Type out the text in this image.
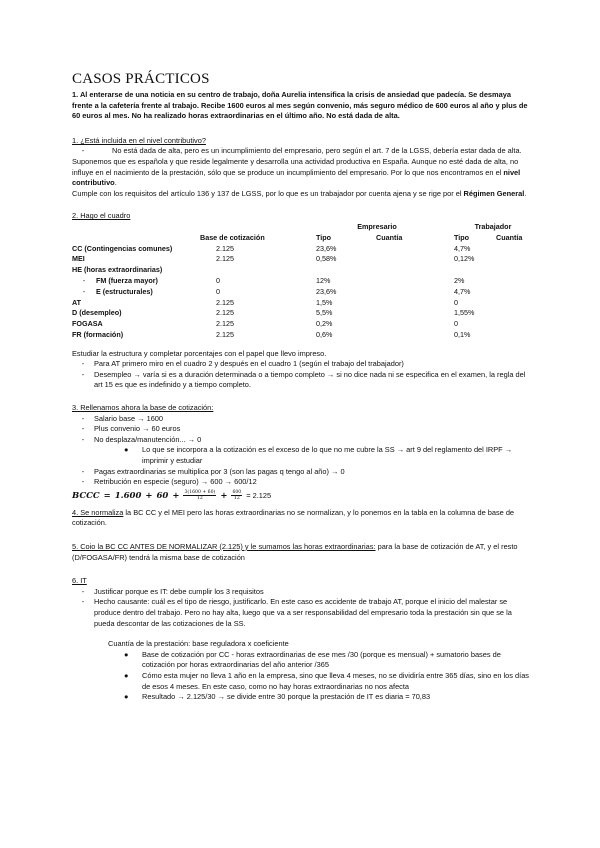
CASOS PRÁCTICOS

1. Al enterarse de una noticia en su centro de trabajo, doña Aurelia intensifica la crisis de ansiedad que padecía. Se desmaya frente a la cafetería frente al trabajo. Recibe 1600 euros al mes según convenio, más seguro médico de 600 euros al año y plus de 60 euros al mes. No ha realizado horas extraordinarias en el último año. No está dada de alta.

1. ¿Está incluida en el nivel contributivo?

-	No está dada de alta, pero es un incumplimiento del empresario, pero según el art. 7 de la LGSS, debería estar dada de alta. Suponemos que es española y que reside legalmente y desarrolla una actividad productiva en España. Aunque no esté dada de alta, no influye en el nacimiento de la prestación, sólo que se produce un incumplimiento del empresario. Por lo que nos encontramos en el nivel contributivo.

Cumple con los requisitos del artículo 136 y 137 de LGSS, por lo que es un trabajador por cuenta ajena y se rige por el Régimen General.

2. Hago el cuadro

		Empresario		Trabajador	
	Base de cotización	Tipo	Cuantía	Tipo	Cuantía
CC (Contingencias comunes)	2.125	23,6%		4,7%	
MEI	2.125	0,58%		0,12%	
HE (horas extraordinarias)					
- FM (fuerza mayor)	0	12%		2%	
- E (estructurales)	0	23,6%		4,7%	
AT	2.125	1,5%		0	
D (desempleo)	2.125	5,5%		1,55%	
FOGASA	2.125	0,2%		0	
FR (formación)	2.125	0,6%		0,1%	

Estudiar la estructura y completar porcentajes con el papel que llevo impreso.

-	Para AT primero miro en el cuadro 2 y después en el cuadro 1 (según el trabajo del trabajador)
-	Desempleo → varía si es a duración determinada o a tiempo completo → si no dice nada ni se especifica en el examen, la regla del art 15 es que es indefinido y a tiempo completo.

3. Rellenamos ahora la base de cotización:

-	Salario base → 1600
-	Plus convenio → 60 euros
-	No desplaza/manutención... → 0
●	Lo que se incorpora a la cotización es el exceso de lo que no me cubre la SS → art 9 del reglamento del IRPF → imprimir y estudiar
-	Pagas extraordinarias se multiplica por 3 (son las pagas q tengo al año) → 0
-	Retribución en especie (seguro) → 600 → 600/12
BCCC = $1.600 + 60 + \frac{3(1600 + 60)}{12} + \frac{600}{12} = 2.125$

4. Se normaliza la BC CC y el MEI pero las horas extraordinarias no se normalizan, y lo ponemos en la tabla en la columna de base de cotización.

5. Coio la BC CC ANTES DE NORMALIZAR (2.125) y le sumamos las horas extraordinarias: para la base de cotización de AT, y el resto (D/FOGASA/FR) tendrá la misma base de cotización

6. IT

-	Justificar porque es IT: debe cumplir los 3 requisitos
-	Hecho causante: cuál es el tipo de riesgo, justificarlo. En este caso es accidente de trabajo AT, porque el inicio del malestar se produce dentro del trabajo. Pero no hay alta, luego que va a ser responsabilidad del empresario toda la prestación sin que se la pueda descontar de las cotizaciones de la SS.

Cuantía de la prestación: base reguladora x coeficiente

●	Base de cotización por CC - horas extraordinarias de ese mes /30 (porque es mensual) + sumatorio bases de cotización por horas extraordinarias del año anterior /365
●	Cómo esta mujer no lleva 1 año en la empresa, sino que lleva 4 meses, no se dividiría entre 365 días, sino en los días de esos 4 meses. En este caso, como no hay horas extraordinarias no nos afecta
●	Resultado → 2.125/30 → se divide entre 30 porque la prestación de IT es diaria = 70,83
